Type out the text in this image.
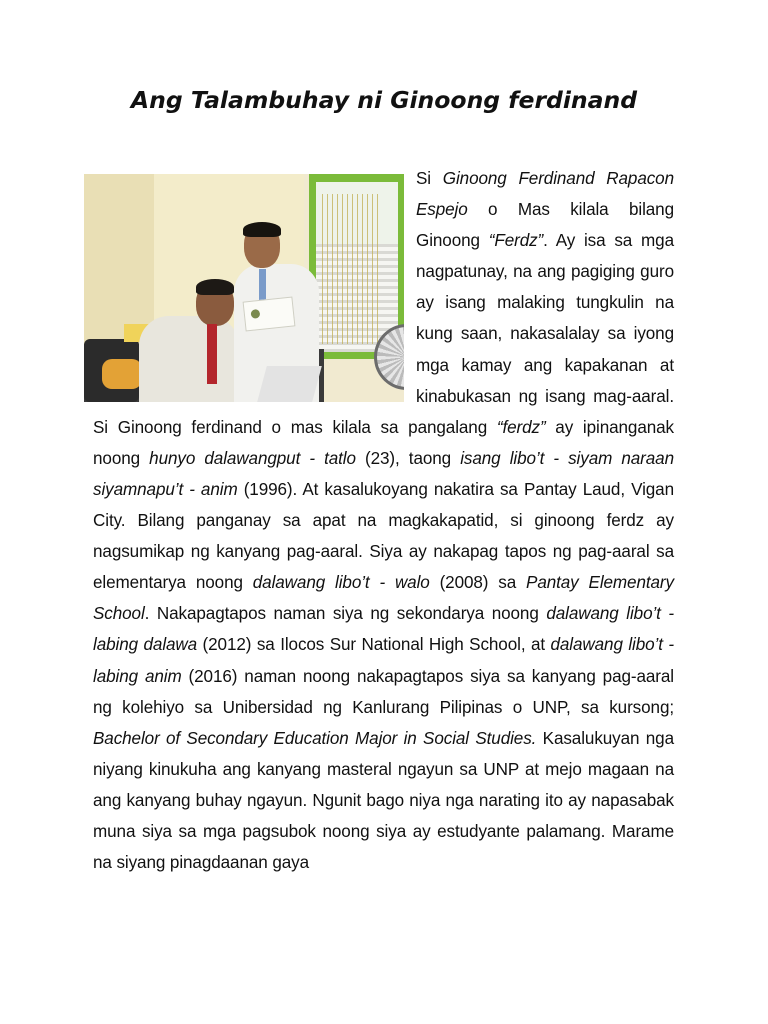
Ang Talambuhay ni Ginoong ferdinand
Si Ginoong Ferdinand Rapacon Espejo o Mas kilala bilang Ginoong “Ferdz”. Ay isa sa mga nagpatunay, na ang pagiging guro ay isang malaking tungkulin na kung saan, nakasalalay sa iyong mga kamay ang kapakanan at kinabukasan ng isang mag-aaral. Si Ginoong ferdinand o mas kilala sa pangalang “ferdz” ay ipinanganak noong hunyo dalawangput - tatlo (23), taong isang libo’t - siyam naraan siyamnapu’t - anim (1996). At kasalukoyang nakatira sa Pantay Laud, Vigan City. Bilang panganay sa apat na magkakapatid, si ginoong ferdz ay nagsumikap ng kanyang pag-aaral. Siya ay nakapag tapos ng pag-aaral sa elementarya noong dalawang libo’t - walo (2008) sa Pantay Elementary School. Nakapagtapos naman siya ng sekondarya noong dalawang libo’t - labing dalawa (2012) sa Ilocos Sur National High School, at dalawang libo’t - labing anim (2016) naman noong nakapagtapos siya sa kanyang pag-aaral ng kolehiyo sa Unibersidad ng Kanlurang Pilipinas o UNP, sa kursong; Bachelor of Secondary Education Major in Social Studies. Kasalukuyan nga niyang kinukuha ang kanyang masteral ngayun sa UNP at mejo magaan na ang kanyang buhay ngayun. Ngunit bago niya nga narating ito ay napasabak muna siya sa mga pagsubok noong siya ay estudyante palamang. Marame na siyang pinagdaanan gaya
